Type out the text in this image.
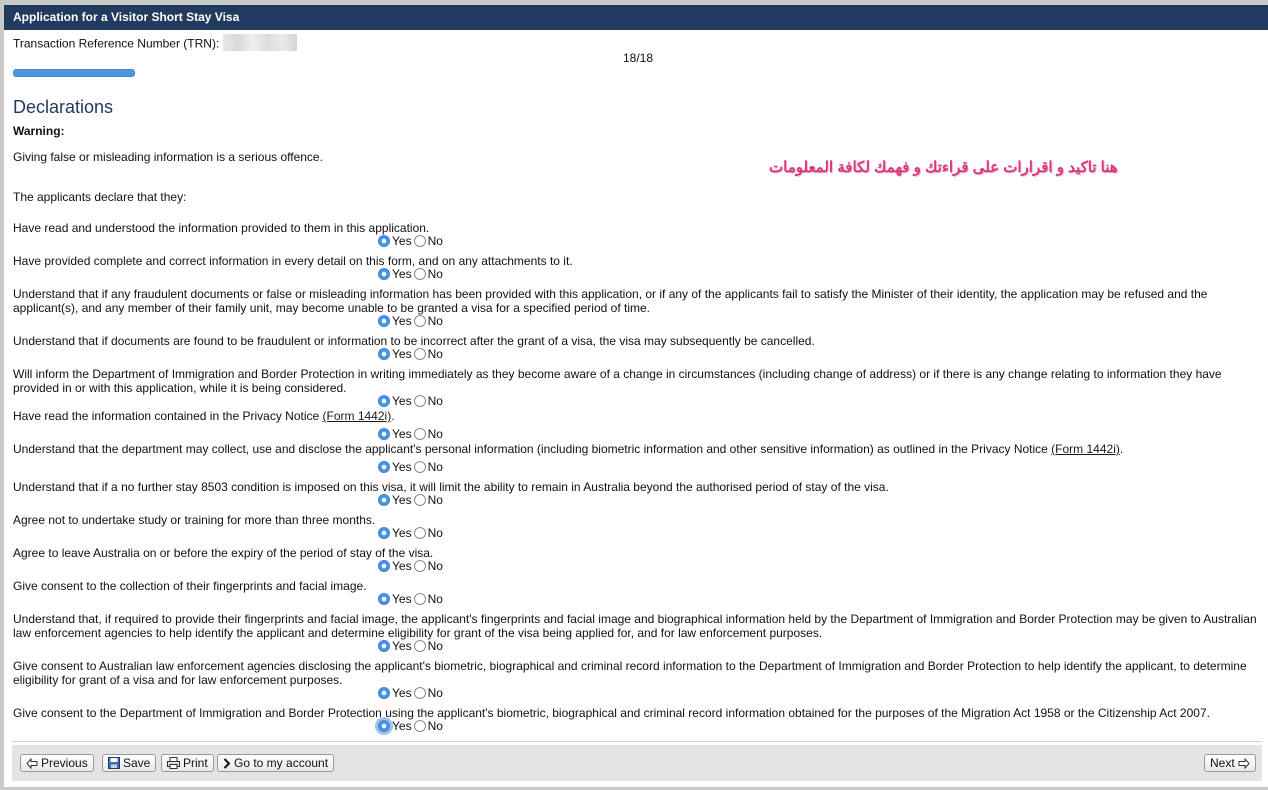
Application for a Visitor Short Stay Visa
Transaction Reference Number (TRN):
18/18
Declarations
Warning:
Giving false or misleading information is a serious offence.
هنا تاكيد و اقرارات على قراءتك و فهمك لكافة المعلومات
The applicants declare that they:
Have read and understood the information provided to them in this application.
Yes No
Have provided complete and correct information in every detail on this form, and on any attachments to it.
Yes No
Understand that if any fraudulent documents or false or misleading information has been provided with this application, or if any of the applicants fail to satisfy the Minister of their identity, the application may be refused and the applicant(s), and any member of their family unit, may become unable to be granted a visa for a specified period of time.
Yes No
Understand that if documents are found to be fraudulent or information to be incorrect after the grant of a visa, the visa may subsequently be cancelled.
Yes No
Will inform the Department of Immigration and Border Protection in writing immediately as they become aware of a change in circumstances (including change of address) or if there is any change relating to information they have provided in or with this application, while it is being considered.
Yes No
Have read the information contained in the Privacy Notice (Form 1442i).
Yes No
Understand that the department may collect, use and disclose the applicant's personal information (including biometric information and other sensitive information) as outlined in the Privacy Notice (Form 1442i).
Yes No
Understand that if a no further stay 8503 condition is imposed on this visa, it will limit the ability to remain in Australia beyond the authorised period of stay of the visa.
Yes No
Agree not to undertake study or training for more than three months.
Yes No
Agree to leave Australia on or before the expiry of the period of stay of the visa.
Yes No
Give consent to the collection of their fingerprints and facial image.
Yes No
Understand that, if required to provide their fingerprints and facial image, the applicant's fingerprints and facial image and biographical information held by the Department of Immigration and Border Protection may be given to Australian law enforcement agencies to help identify the applicant and determine eligibility for grant of the visa being applied for, and for law enforcement purposes.
Yes No
Give consent to Australian law enforcement agencies disclosing the applicant's biometric, biographical and criminal record information to the Department of Immigration and Border Protection to help identify the applicant, to determine eligibility for grant of a visa and for law enforcement purposes.
Yes No
Give consent to the Department of Immigration and Border Protection using the applicant's biometric, biographical and criminal record information obtained for the purposes of the Migration Act 1958 or the Citizenship Act 2007.
Yes No
Previous	Save	Print	Go to my account	Next
